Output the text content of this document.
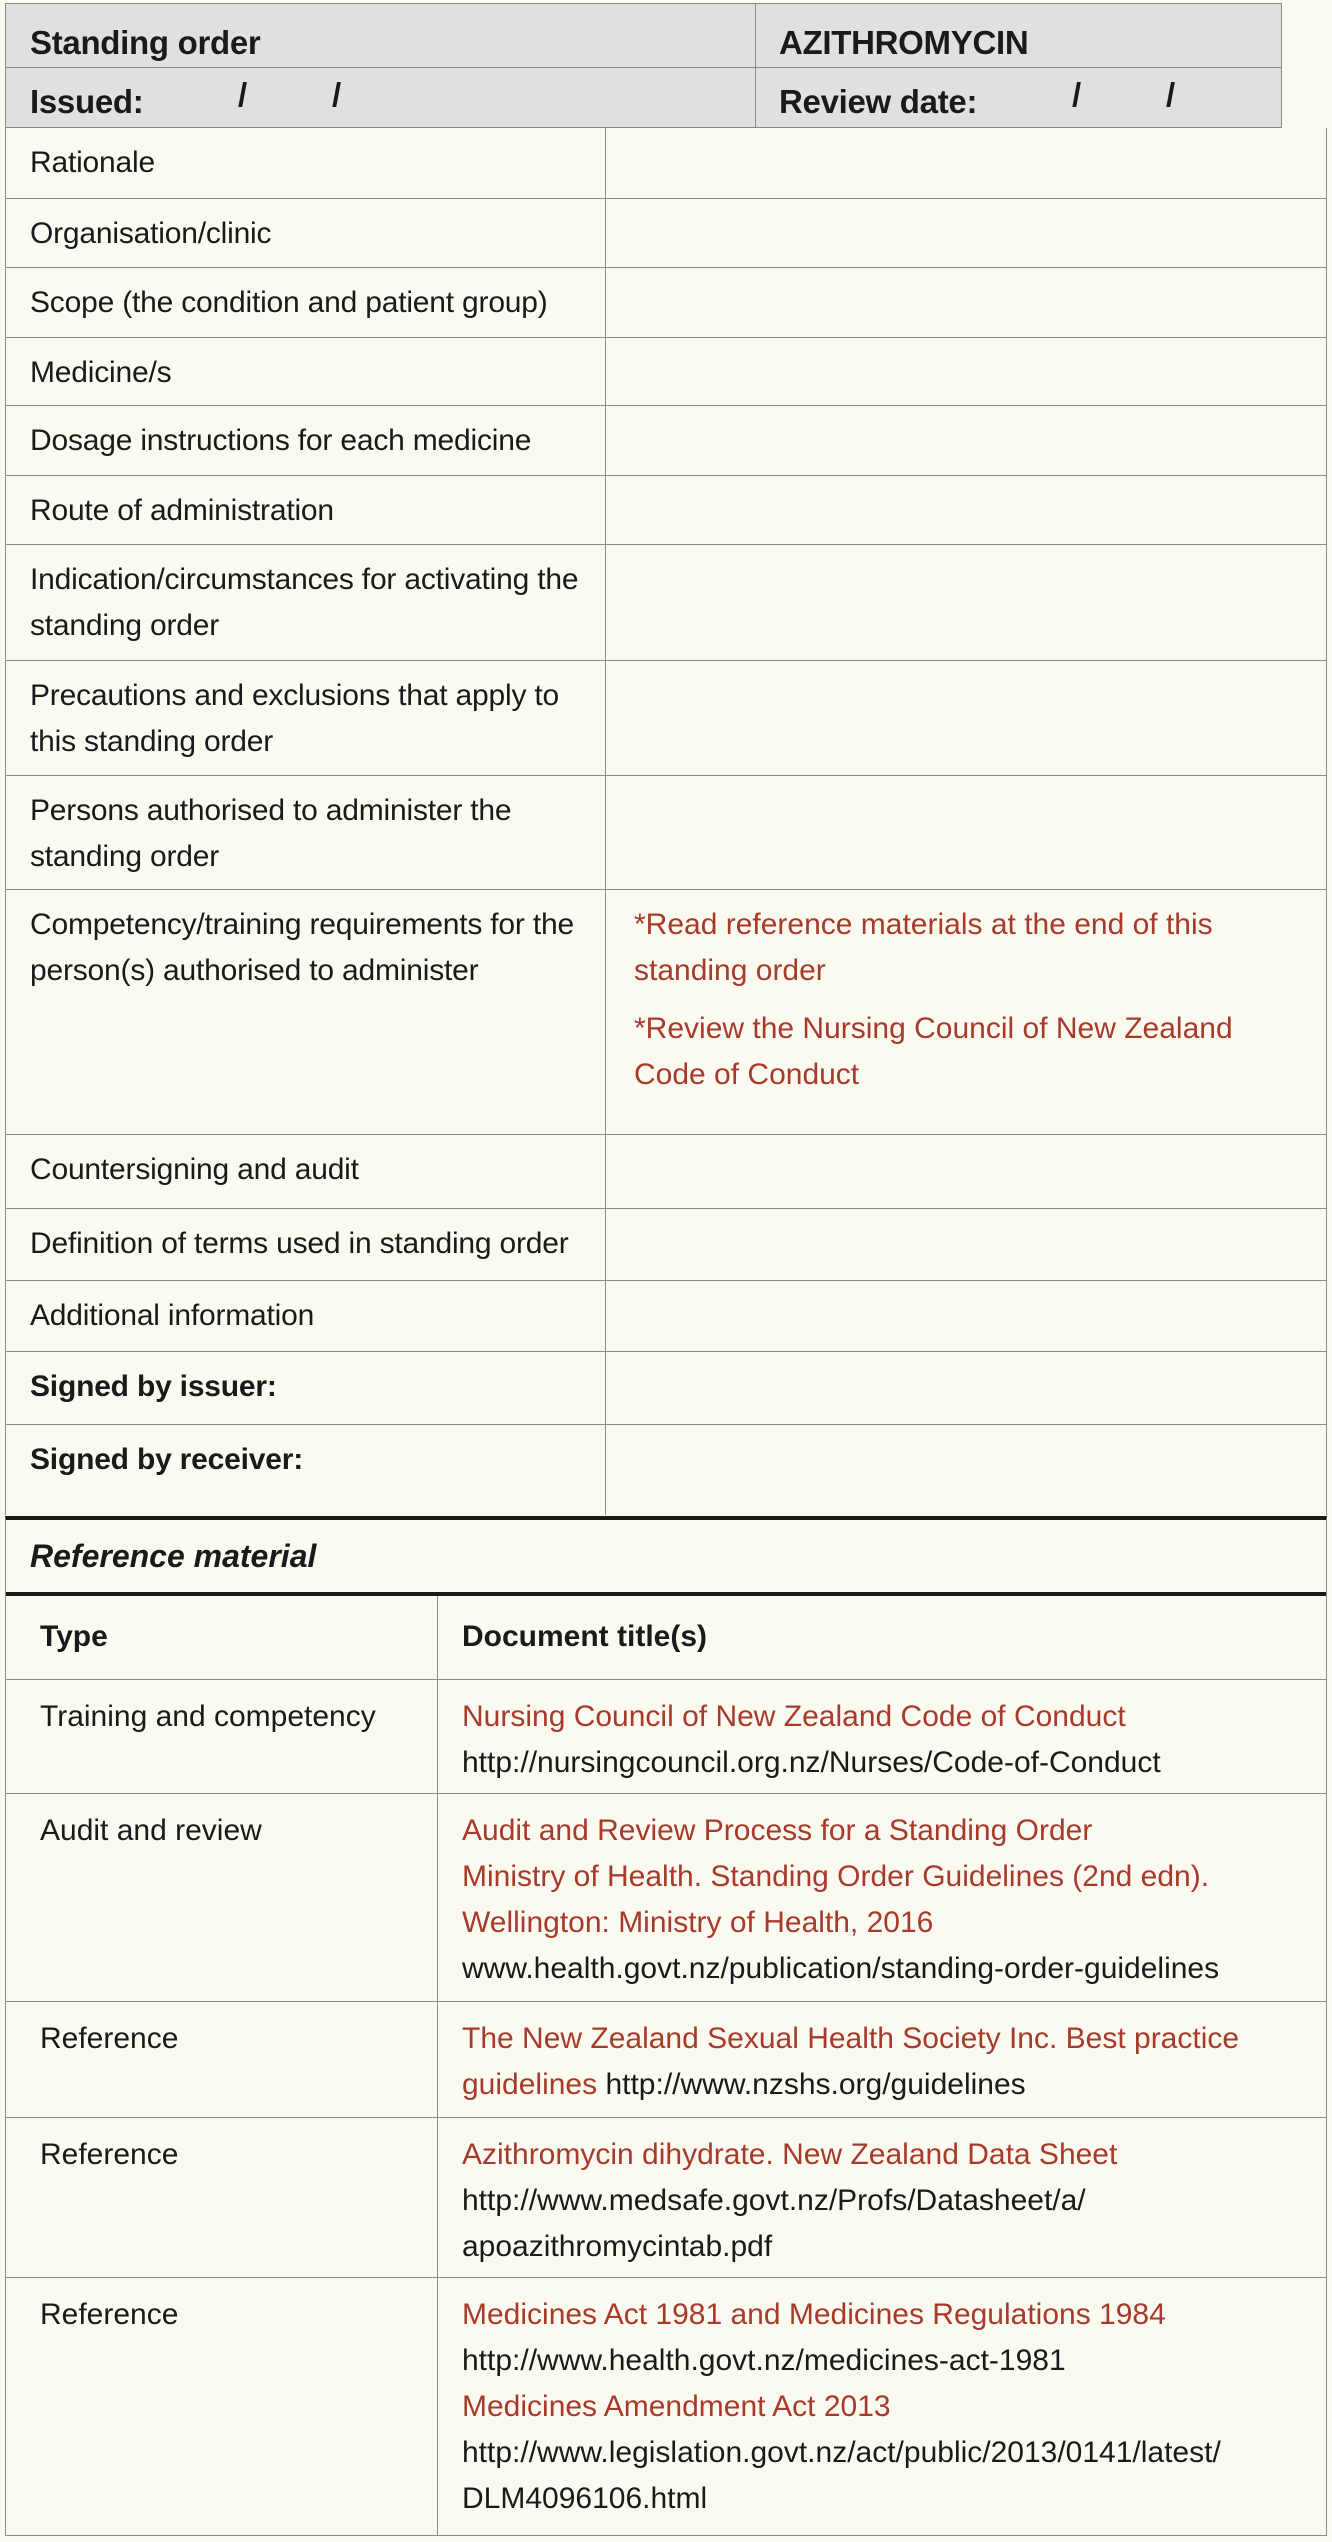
Standing order	AZITHROMYCIN
Issued:	/	/	Review date:	/	/
Rationale
Organisation/clinic
Scope (the condition and patient group)
Medicine/s
Dosage instructions for each medicine
Route of administration
Indication/circumstances for activating the standing order
Precautions and exclusions that apply to this standing order
Persons authorised to administer the standing order
Competency/training requirements for the person(s) authorised to administer

*Read reference materials at the end of this standing order

*Review the Nursing Council of New Zealand Code of Conduct

Countersigning and audit
Definition of terms used in standing order
Additional information
Signed by issuer:
Signed by receiver:
Reference material
Type	Document title(s)
Training and competency	Nursing Council of New Zealand Code of Conduct
http://nursingcouncil.org.nz/Nurses/Code-of-Conduct
Audit and review	Audit and Review Process for a Standing Order
Ministry of Health. Standing Order Guidelines (2nd edn).
Wellington: Ministry of Health, 2016
www.health.govt.nz/publication/standing-order-guidelines
Reference	The New Zealand Sexual Health Society Inc. Best practice
guidelines http://www.nzshs.org/guidelines
Reference	Azithromycin dihydrate. New Zealand Data Sheet
http://www.medsafe.govt.nz/Profs/Datasheet/a/
apoazithromycintab.pdf
Reference	Medicines Act 1981 and Medicines Regulations 1984
http://www.health.govt.nz/medicines-act-1981
Medicines Amendment Act 2013
http://www.legislation.govt.nz/act/public/2013/0141/latest/
DLM4096106.html
